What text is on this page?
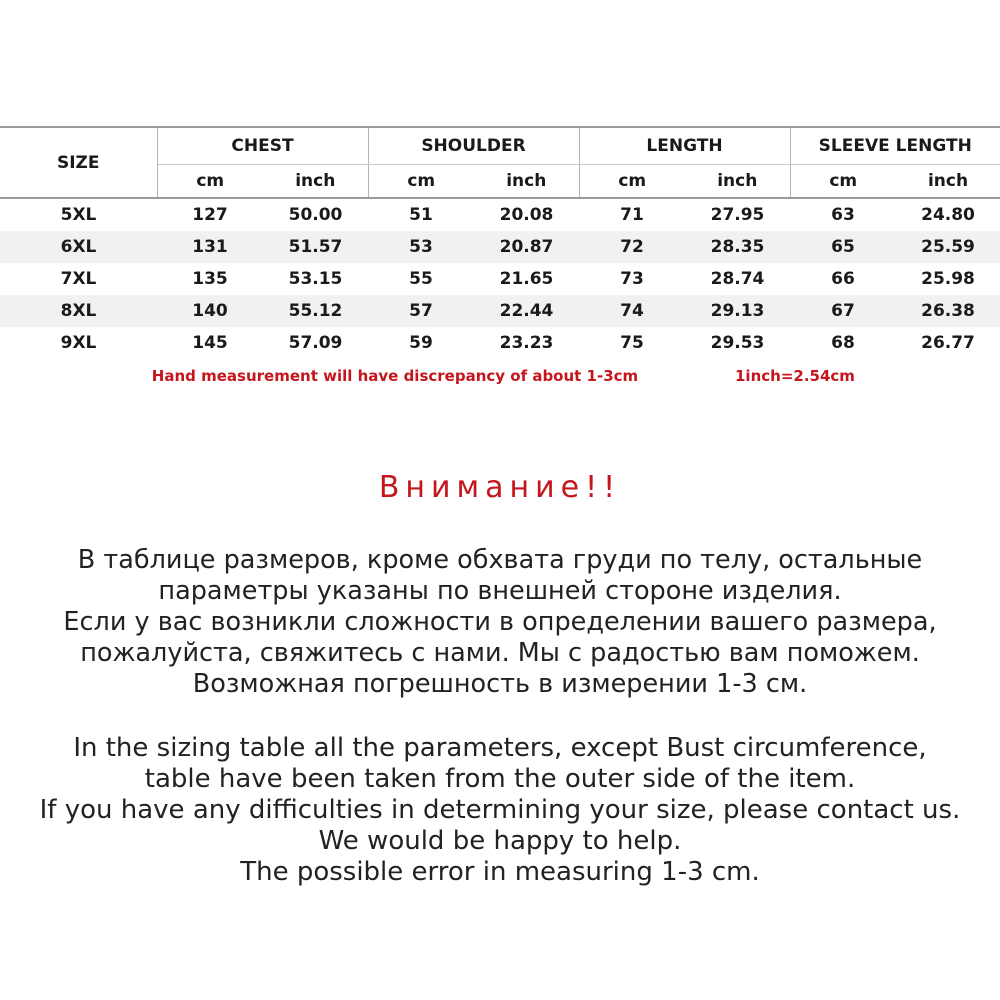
SIZE	CHEST		SHOULDER		LENGTH		SLEEVE LENGTH	
	cm	inch	cm	inch	cm	inch	cm	inch
5XL	127	50.00	51	20.08	71	27.95	63	24.80
6XL	131	51.57	53	20.87	72	28.35	65	25.59
7XL	135	53.15	55	21.65	73	28.74	66	25.98
8XL	140	55.12	57	22.44	74	29.13	67	26.38
9XL	145	57.09	59	23.23	75	29.53	68	26.77
Hand measurement will have discrepancy of about 1-3cm							1inch=2.54cm	
Внимание!!
В таблице размеров, кроме обхвата груди по телу, остальные
параметры указаны по внешней стороне изделия.
Если у вас возникли сложности в определении вашего размера,
пожалуйста, свяжитесь с нами. Мы с радостью вам поможем.
Возможная погрешность в измерении 1-3 см.
In the sizing table all the parameters, except Bust circumference,
table have been taken from the outer side of the item.
If you have any difficulties in determining your size, please contact us.
We would be happy to help.
The possible error in measuring 1-3 cm.
